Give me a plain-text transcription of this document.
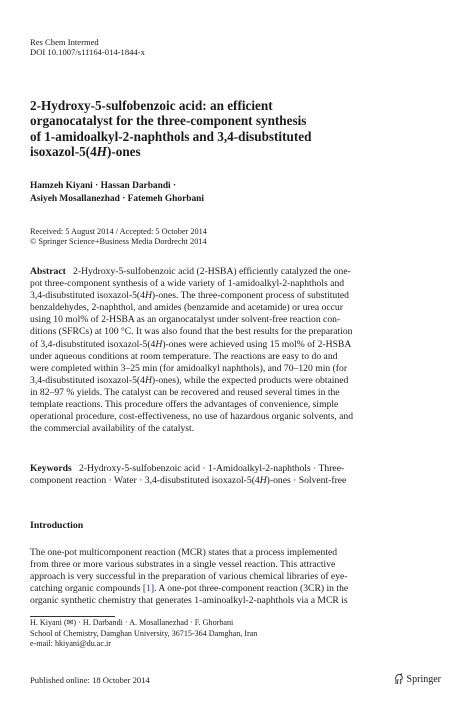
Res Chem Intermed
DOI 10.1007/s11164-014-1844-x
2-Hydroxy-5-sulfobenzoic acid: an efficient
organocatalyst for the three-component synthesis
of 1-amidoalkyl-2-naphthols and 3,4-disubstituted
isoxazol-5(4H)-ones
Hamzeh Kiyani · Hassan Darbandi ·
Asiyeh Mosallanezhad · Fatemeh Ghorbani
Received: 5 August 2014 / Accepted: 5 October 2014
© Springer Science+Business Media Dordrecht 2014
Abstract 2-Hydroxy-5-sulfobenzoic acid (2-HSBA) efficiently catalyzed the one-
pot three-component synthesis of a wide variety of 1-amidoalkyl-2-naphthols and
3,4-disubstituted isoxazol-5(4H)-ones. The three-component process of substituted
benzaldehydes, 2-naphthol, and amides (benzamide and acetamide) or urea occur
using 10 mol% of 2-HSBA as an organocatalyst under solvent-free reaction con-
ditions (SFRCs) at 100 °C. It was also found that the best results for the preparation
of 3,4-disubstituted isoxazol-5(4H)-ones were achieved using 15 mol% of 2-HSBA
under aqueous conditions at room temperature. The reactions are easy to do and
were completed within 3–25 min (for amidoalkyl naphthols), and 70–120 min (for
3,4-disubstituted isoxazol-5(4H)-ones), while the expected products were obtained
in 82–97 % yields. The catalyst can be recovered and reused several times in the
template reactions. This procedure offers the advantages of convenience, simple
operational procedure, cost-effectiveness, no use of hazardous organic solvents, and
the commercial availability of the catalyst.
Keywords 2-Hydroxy-5-sulfobenzoic acid · 1-Amidoalkyl-2-naphthols · Three-
component reaction · Water · 3,4-disubstituted isoxazol-5(4H)-ones · Solvent-free
Introduction
The one-pot multicomponent reaction (MCR) states that a process implemented
from three or more various substrates in a single vessel reaction. This attractive
approach is very successful in the preparation of various chemical libraries of eye-
catching organic compounds [1]. A one-pot three-component reaction (3CR) in the
organic synthetic chemistry that generates 1-aminoalkyl-2-naphthols via a MCR is
H. Kiyani (✉) · H. Darbandi · A. Mosallanezhad · F. Ghorbani
School of Chemistry, Damghan University, 36715-364 Damghan, Iran
e-mail: hkiyani@du.ac.ir
Published online: 18 October 2014	Springer
